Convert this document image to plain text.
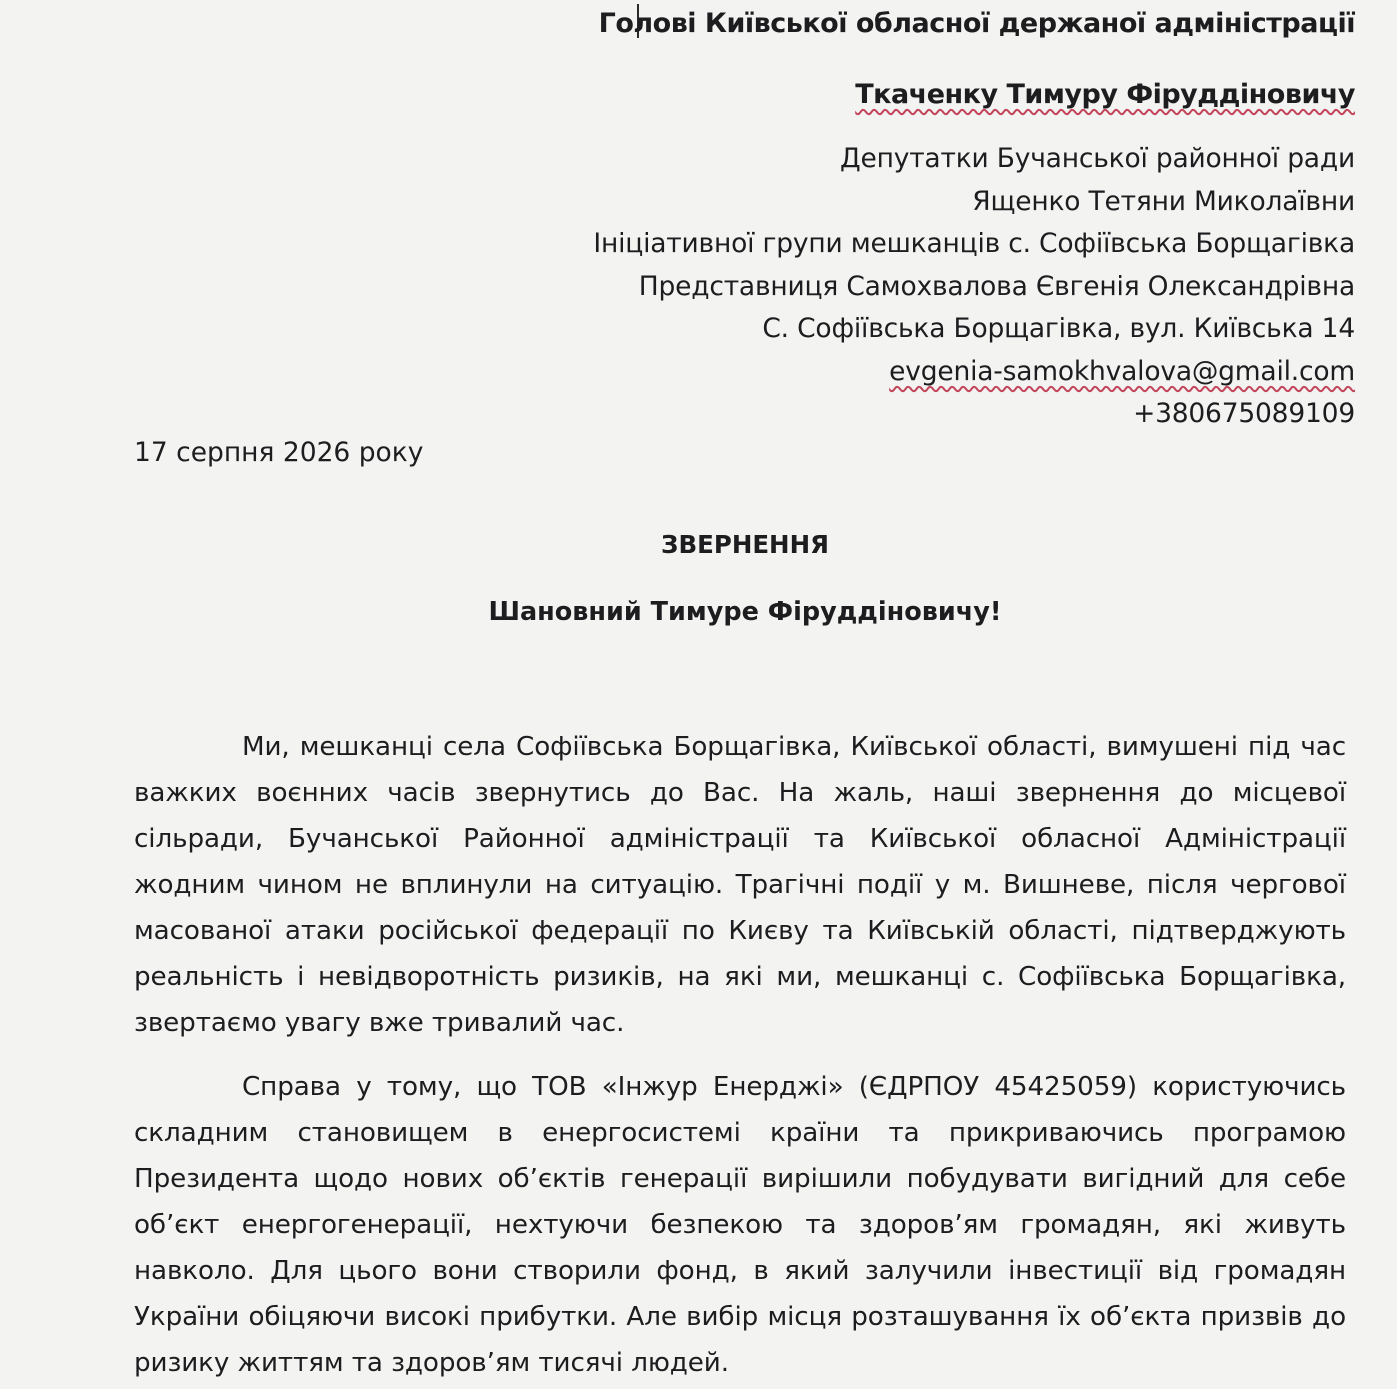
Голові Київської обласної держаної адміністрації
Ткаченку Тимуру Фіруддіновичу
Депутатки Бучанської районної ради
Ященко Тетяни Миколаївни
Ініціативної групи мешканців с. Софіївська Борщагівка
Представниця Самохвалова Євгенія Олександрівна
С. Софіївська Борщагівка, вул. Київська 14
evgenia-samokhvalova@gmail.com
+380675089109
17 серпня 2026 року
ЗВЕРНЕННЯ
Шановний Тимуре Фіруддіновичу!

Ми, мешканці села Софіївська Борщагівка, Київської області, вимушені під час важких воєнних часів звернутись до Вас. На жаль, наші звернення до місцевої сільради, Бучанської Районної адміністрації та Київської обласної Адміністрації жодним чином не вплинули на ситуацію. Трагічні події у м. Вишневе, після чергової масованої атаки російської федерації по Києву та Київській області, підтверджують реальність і невідворотність ризиків, на які ми, мешканці с. Софіївська Борщагівка, звертаємо увагу вже тривалий час.

Справа у тому, що ТОВ «Інжур Енерджі» (ЄДРПОУ 45425059) користуючись складним становищем в енергосистемі країни та прикриваючись програмою Президента щодо нових об’єктів генерації вирішили побудувати вигідний для себе об’єкт енергогенерації, нехтуючи безпекою та здоров’ям громадян, які живуть навколо. Для цього вони створили фонд, в який залучили інвестиції від громадян України обіцяючи високі прибутки. Але вибір місця розташування їх об’єкта призвів до ризику життям та здоров’ям тисячі людей.
